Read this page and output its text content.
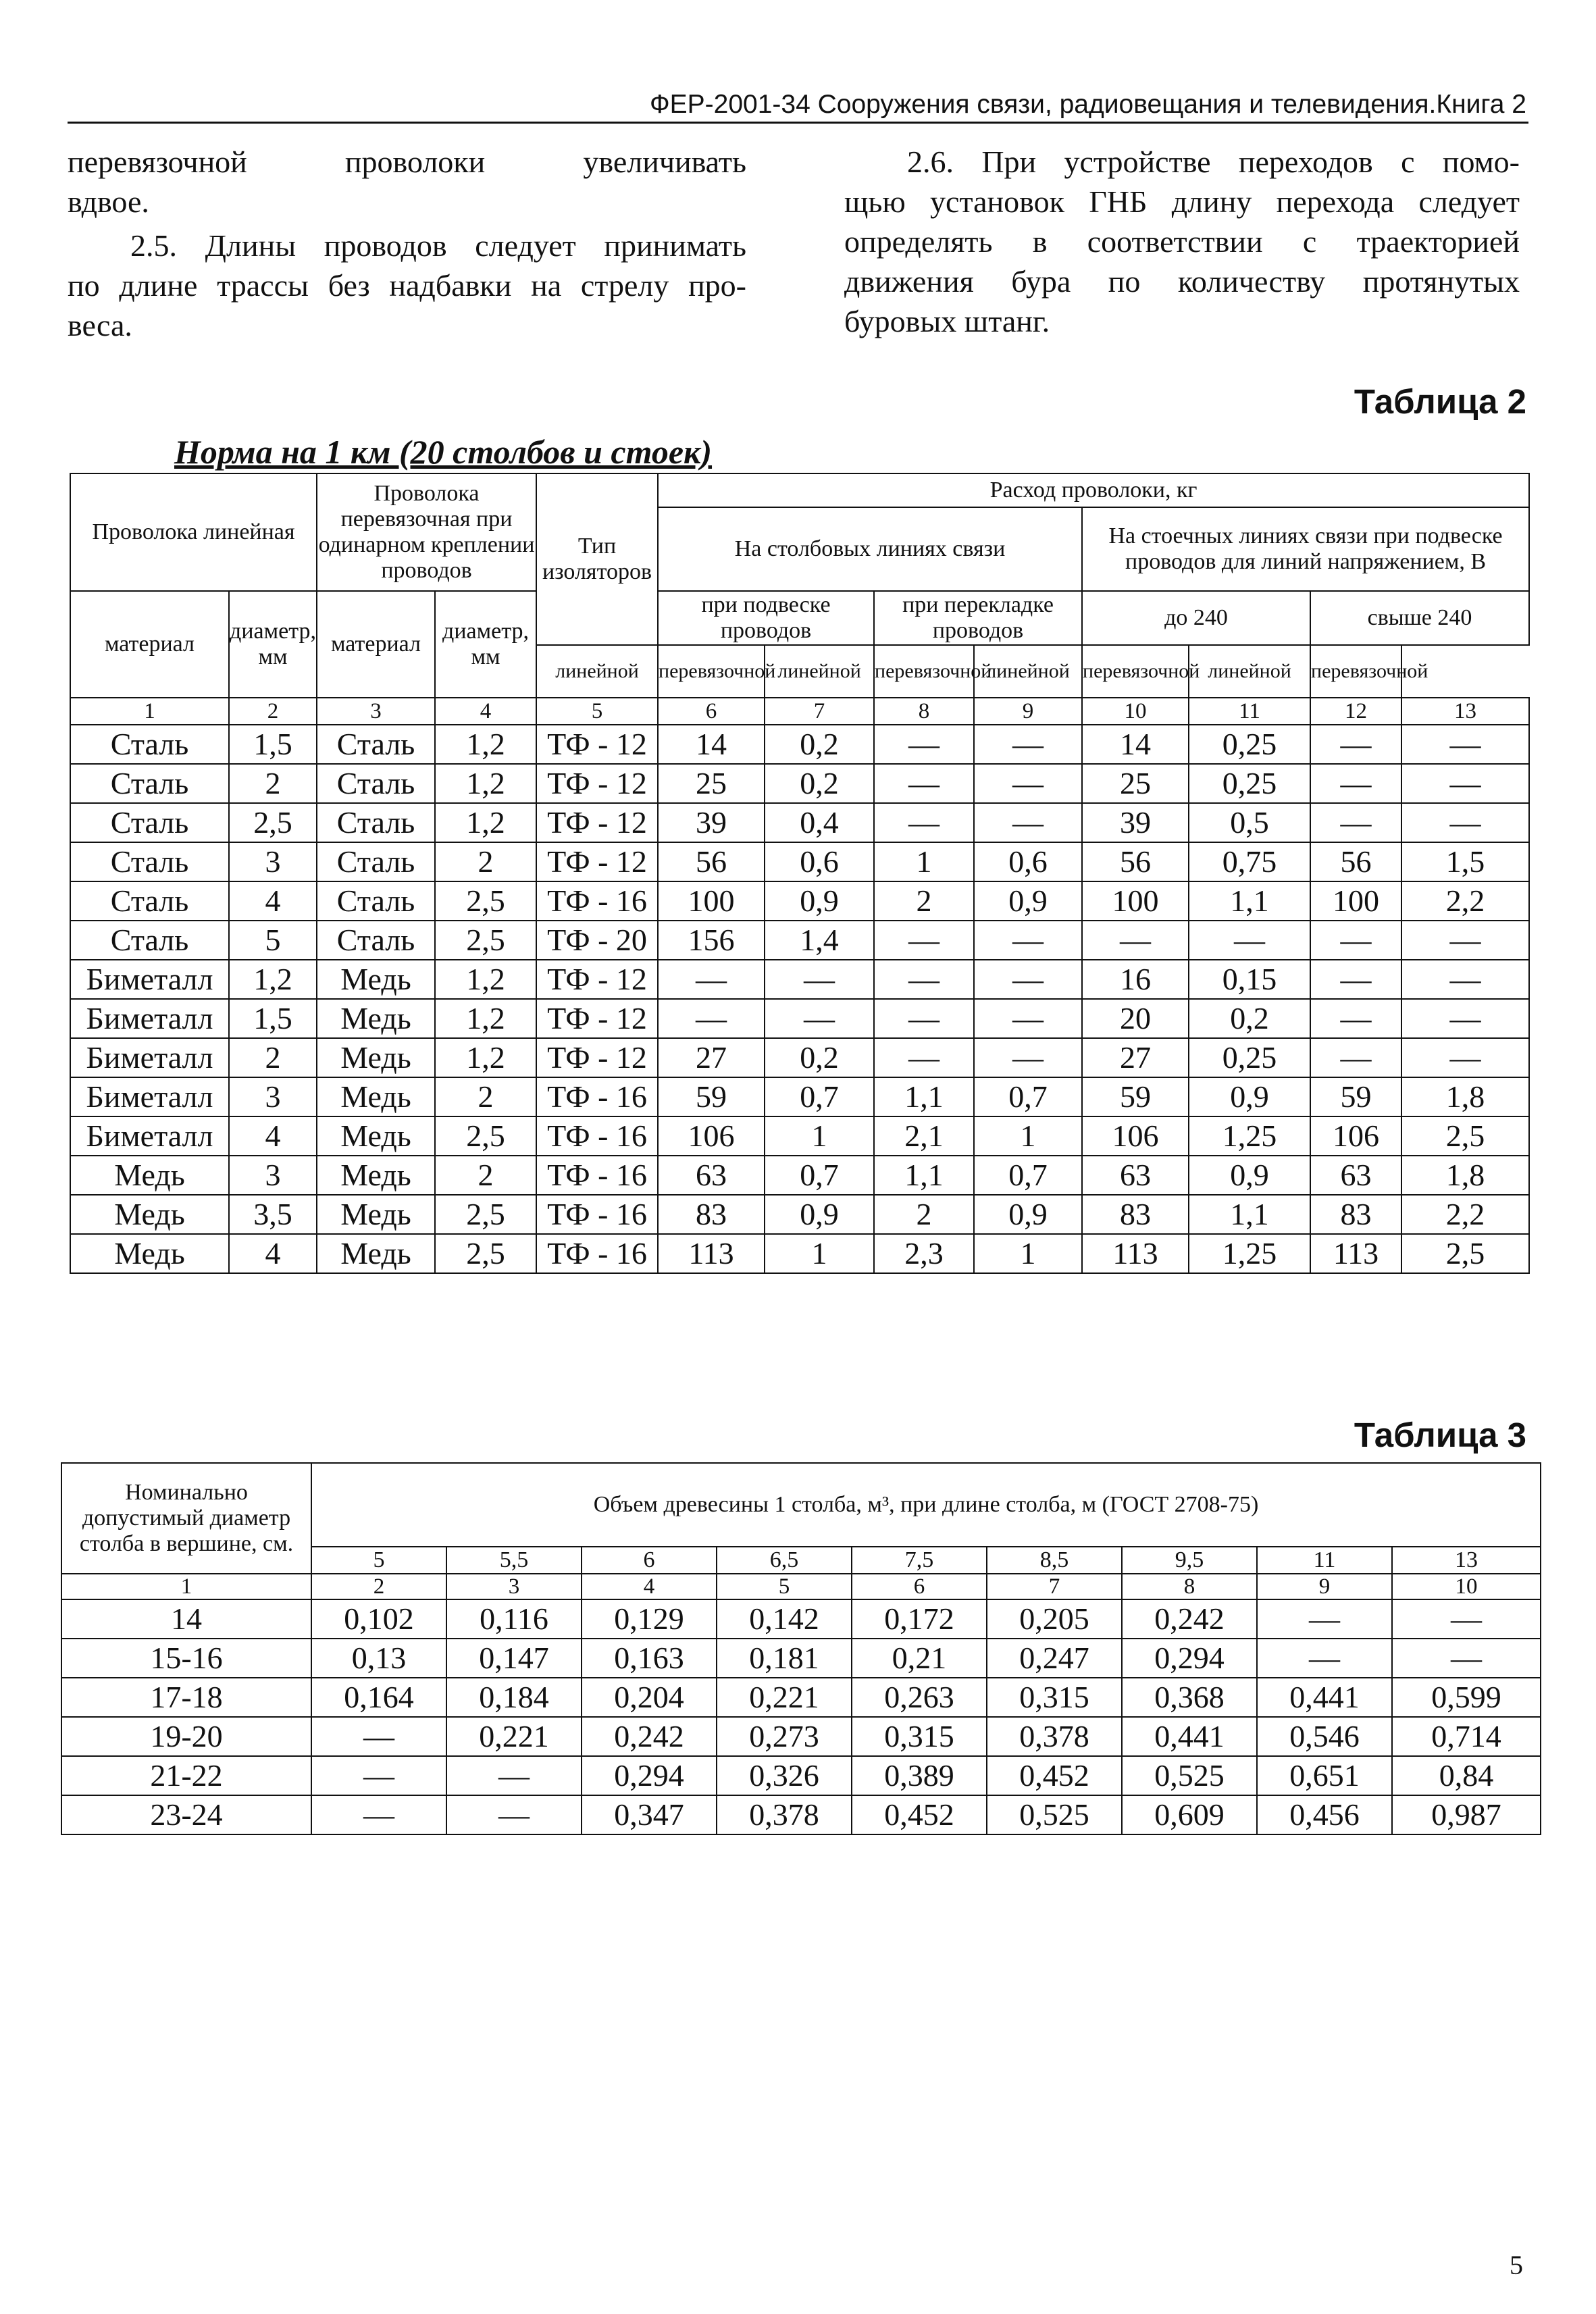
ФЕР-2001-34 Сооружения связи, радиовещания и телевидения.Книга 2

перевязочной проволоки увеличивать

вдвое.

2.5. Длины проводов следует принимать

по длине трассы без надбавки на стрелу про-

веса.

2.6. При устройстве переходов с помо-

щью установок ГНБ длину перехода следует

определять в соответствии с траекторией

движения бура по количеству протянутых

буровых штанг.

Таблица 2
Норма на 1 км (20 столбов и стоек)
Проволока линейная		Проволока перевязочная при одинарном креплении проводов		Тип изоляторов	Расход проволоки, кг							
					На столбовых линиях связи				На стоечных линиях связи при подвеске проводов для линий напряжением, В			
материал	диаметр, мм	материал	диаметр, мм		при подвеске проводов		при перекладке проводов		до 240		свыше 240	
				линейной	перевязочной	линейной	перевязочной	линейной	перевязочной	линейной	перевязочной	
1	2	3	4	5	6	7	8	9	10	11	12	13
Сталь	1,5	Сталь	1,2	ТФ - 12	14	0,2	—	—	14	0,25	—	—
Сталь	2	Сталь	1,2	ТФ - 12	25	0,2	—	—	25	0,25	—	—
Сталь	2,5	Сталь	1,2	ТФ - 12	39	0,4	—	—	39	0,5	—	—
Сталь	3	Сталь	2	ТФ - 12	56	0,6	1	0,6	56	0,75	56	1,5
Сталь	4	Сталь	2,5	ТФ - 16	100	0,9	2	0,9	100	1,1	100	2,2
Сталь	5	Сталь	2,5	ТФ - 20	156	1,4	—	—	—	—	—	—
Биметалл	1,2	Медь	1,2	ТФ - 12	—	—	—	—	16	0,15	—	—
Биметалл	1,5	Медь	1,2	ТФ - 12	—	—	—	—	20	0,2	—	—
Биметалл	2	Медь	1,2	ТФ - 12	27	0,2	—	—	27	0,25	—	—
Биметалл	3	Медь	2	ТФ - 16	59	0,7	1,1	0,7	59	0,9	59	1,8
Биметалл	4	Медь	2,5	ТФ - 16	106	1	2,1	1	106	1,25	106	2,5
Медь	3	Медь	2	ТФ - 16	63	0,7	1,1	0,7	63	0,9	63	1,8
Медь	3,5	Медь	2,5	ТФ - 16	83	0,9	2	0,9	83	1,1	83	2,2
Медь	4	Медь	2,5	ТФ - 16	113	1	2,3	1	113	1,25	113	2,5
Таблица 3
Номинально допустимый диаметр столба в вершине, см.	Объем древесины 1 столба, м³, при длине столба, м (ГОСТ 2708-75)								
	5	5,5	6	6,5	7,5	8,5	9,5	11	13
1	2	3	4	5	6	7	8	9	10
14	0,102	0,116	0,129	0,142	0,172	0,205	0,242	—	—
15-16	0,13	0,147	0,163	0,181	0,21	0,247	0,294	—	—
17-18	0,164	0,184	0,204	0,221	0,263	0,315	0,368	0,441	0,599
19-20	—	0,221	0,242	0,273	0,315	0,378	0,441	0,546	0,714
21-22	—	—	0,294	0,326	0,389	0,452	0,525	0,651	0,84
23-24	—	—	0,347	0,378	0,452	0,525	0,609	0,456	0,987
5
